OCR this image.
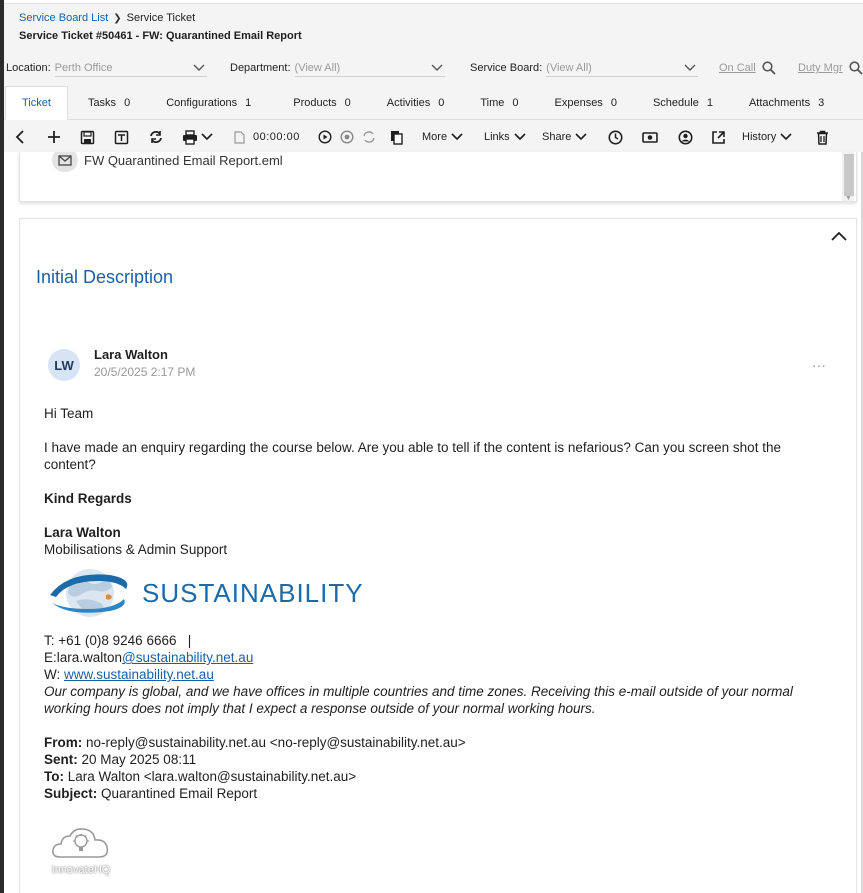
Service Board List ❯ Service Ticket
Service Ticket #50461 - FW: Quarantined Email Report
Location: Perth Office	Department: (View All)	Service Board: (View All)	On Call	Duty Mgr
Ticket	Tasks 0	Configurations 1	Products 0	Activities 0	Time 0	Expenses 0	Schedule 1	Attachments 3
00:00:00	More	Links	Share	History
FW Quarantined Email Report.eml
▼
Initial Description
LW
Lara Walton
20/5/2025 2:17 PM	···

Hi Team

I have made an enquiry regarding the course below. Are you able to tell if the content is nefarious? Can you screen shot the content?

Kind Regards

Lara Walton

Mobilisations & Admin Support

T: +61 (0)8 9246 6666   |

E:lara.walton@sustainability.net.au

W: www.sustainability.net.au

Our company is global, and we have offices in multiple countries and time zones. Receiving this e-mail outside of your normal working hours does not imply that I expect a response outside of your normal working hours.

From: no-reply@sustainability.net.au <no-reply@sustainability.net.au>

Sent: 20 May 2025 08:11

To: Lara Walton <lara.walton@sustainability.net.au>

Subject: Quarantined Email Report

SUSTAINABILITY
InnovateHQ
